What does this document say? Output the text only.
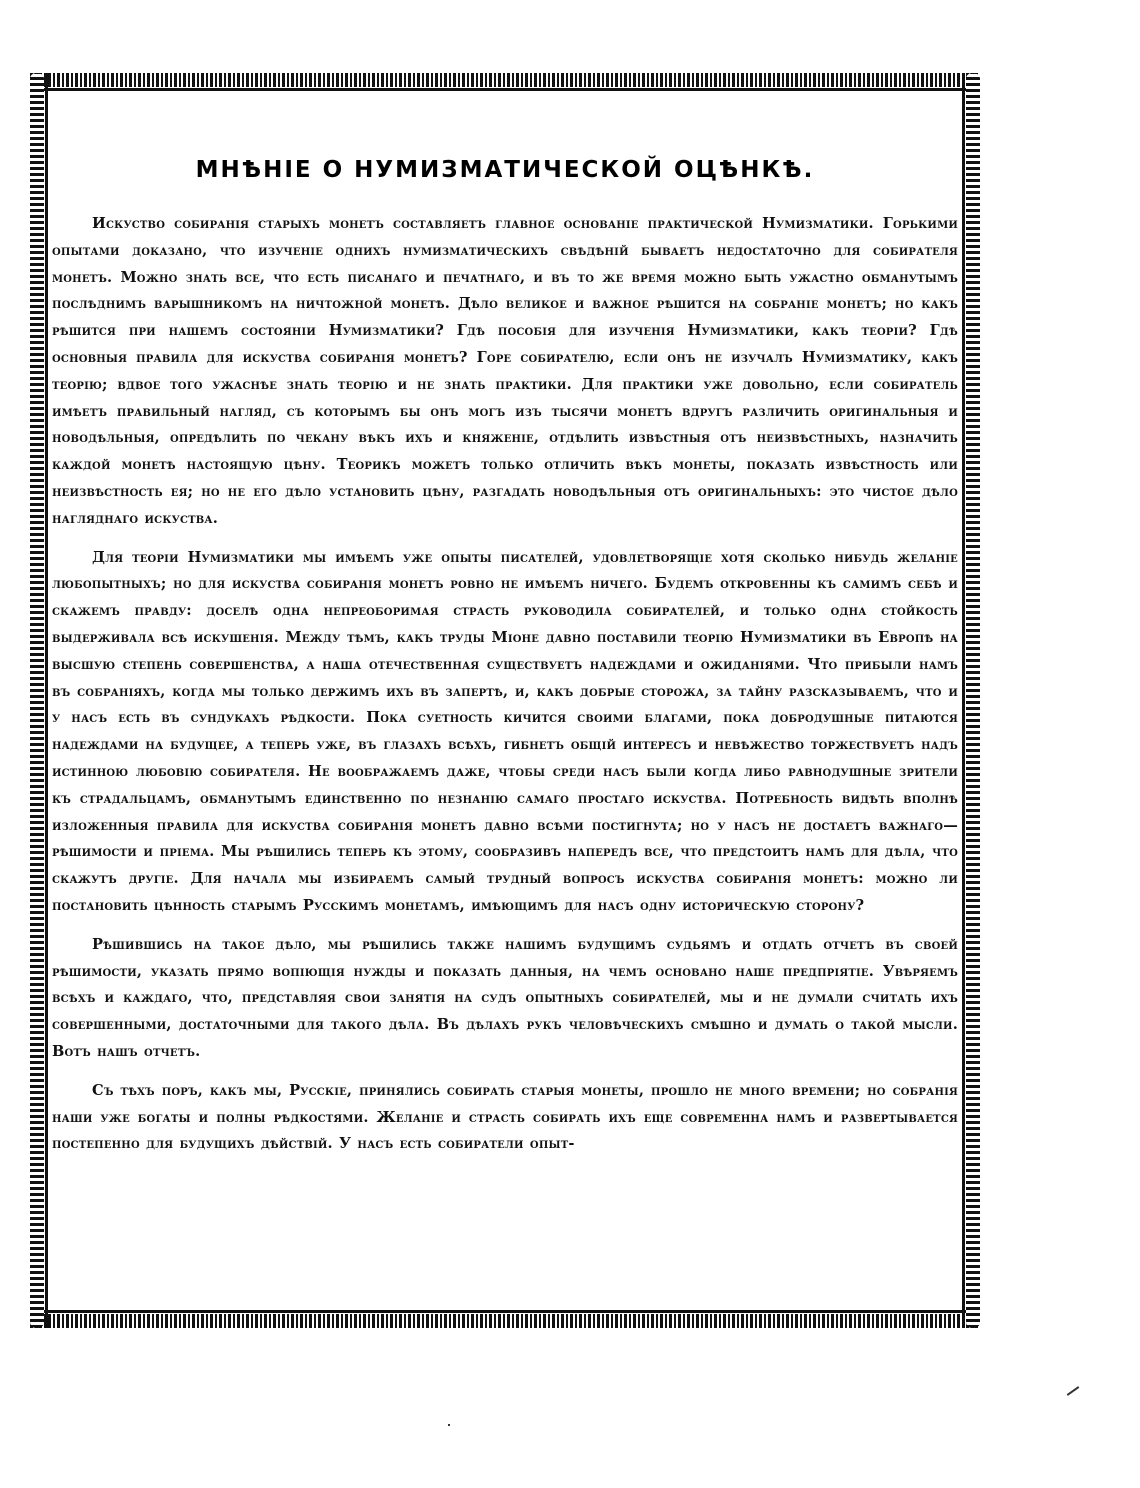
МНѢНІЕ О НУМИЗМАТИЧЕСКОЙ ОЦѢНКѢ.

Искуство собиранія старыхъ монетъ составляетъ главное основаніе практической Нумизматики. Горькими опытами доказано, что изученіе однихъ нумизматическихъ свѣдѣній бываетъ недостаточно для собирателя монетъ. Можно знать все, что есть писанаго и печатнаго, и въ то же время можно быть ужастно обманутымъ послѣднимъ варышникомъ на ничтожной монетѣ. Дѣло великое и важное рѣшится на собраніе монетъ; но какъ рѣшится при нашемъ состояніи Нумизматики? Гдѣ пособія для изученія Нумизматики, какъ теоріи? Гдѣ основныя правила для искуства собиранія монетъ? Горе собирателю, если онъ не изучалъ Нумизматику, какъ теорію; вдвое того ужаснѣе знать теорію и не знать практики. Для практики уже довольно, если собиратель имѣетъ правильный нагляд, съ которымъ бы онъ могъ изъ тысячи монетъ вдругъ различить оригинальныя и новодѣльныя, опредѣлить по чекану вѣкъ ихъ и княженіе, отдѣлить извѣстныя отъ неизвѣстныхъ, назначить каждой монетѣ настоящую цѣну. Теорикъ можетъ только отличить вѣкъ монеты, показать извѣстность или неизвѣстность ея; но не его дѣло установить цѣну, разгадать новодѣльныя отъ оригинальныхъ: это чистое дѣло нагляднаго искуства.

Для теоріи Нумизматики мы имѣемъ уже опыты писателей, удовлетворящіе хотя сколько нибудь желаніе любопытныхъ; но для искуства собиранія монетъ ровно не имѣемъ ничего. Будемъ откровенны къ самимъ себѣ и скажемъ правду: доселѣ одна непреоборимая страсть руководила собирателей, и только одна стойкость выдерживала всѣ искушенія. Между тѣмъ, какъ труды Міоне давно поставили теорію Нумизматики въ Европѣ на высшую степень совершенства, а наша отечественная существуетъ надеждами и ожиданіями. Что прибыли намъ въ собраніяхъ, когда мы только держимъ ихъ въ запертѣ, и, какъ добрые сторожа, за тайну разсказываемъ, что и у насъ есть въ сундукахъ рѣдкости. Пока суетность кичится своими благами, пока добродушные питаются надеждами на будущее, а теперь уже, въ глазахъ всѣхъ, гибнетъ общій интересъ и невѣжество торжествуетъ надъ истинною любовію собирателя. Не воображаемъ даже, чтобы среди насъ были когда либо равнодушные зрители къ страдальцамъ, обманутымъ единственно по незнанію самаго простаго искуства. Потребность видѣть вполнѣ изложенныя правила для искуства собиранія монетъ давно всѣми постигнута; но у насъ не достаетъ важнаго—рѣшимости и пріема. Мы рѣшились теперь къ этому, сообразивъ напередъ все, что предстоитъ намъ для дѣла, что скажутъ другіе. Для начала мы избираемъ самый трудный вопросъ искуства собиранія монетъ: можно ли постановить цѣнность старымъ Русскимъ монетамъ, имѣющимъ для насъ одну историческую сторону?

Рѣшившись на такое дѣло, мы рѣшились также нашимъ будущимъ судьямъ и отдать отчетъ въ своей рѣшимости, указать прямо вопіющія нужды и показать данныя, на чемъ основано наше предпріятіе. Увѣряемъ всѣхъ и каждаго, что, представляя свои занятія на судъ опытныхъ собирателей, мы и не думали считать ихъ совершенными, достаточными для такого дѣла. Въ дѣлахъ рукъ человѣческихъ смѣшно и думать о такой мысли. Вотъ нашъ отчетъ.

Съ тѣхъ поръ, какъ мы, Русскіе, принялись собирать старыя монеты, прошло не много времени; но собранія наши уже богаты и полны рѣдкостями. Желаніе и страсть собирать ихъ еще современна намъ и развертывается постепенно для будущихъ дѣйствій. У насъ есть собиратели опыт-
